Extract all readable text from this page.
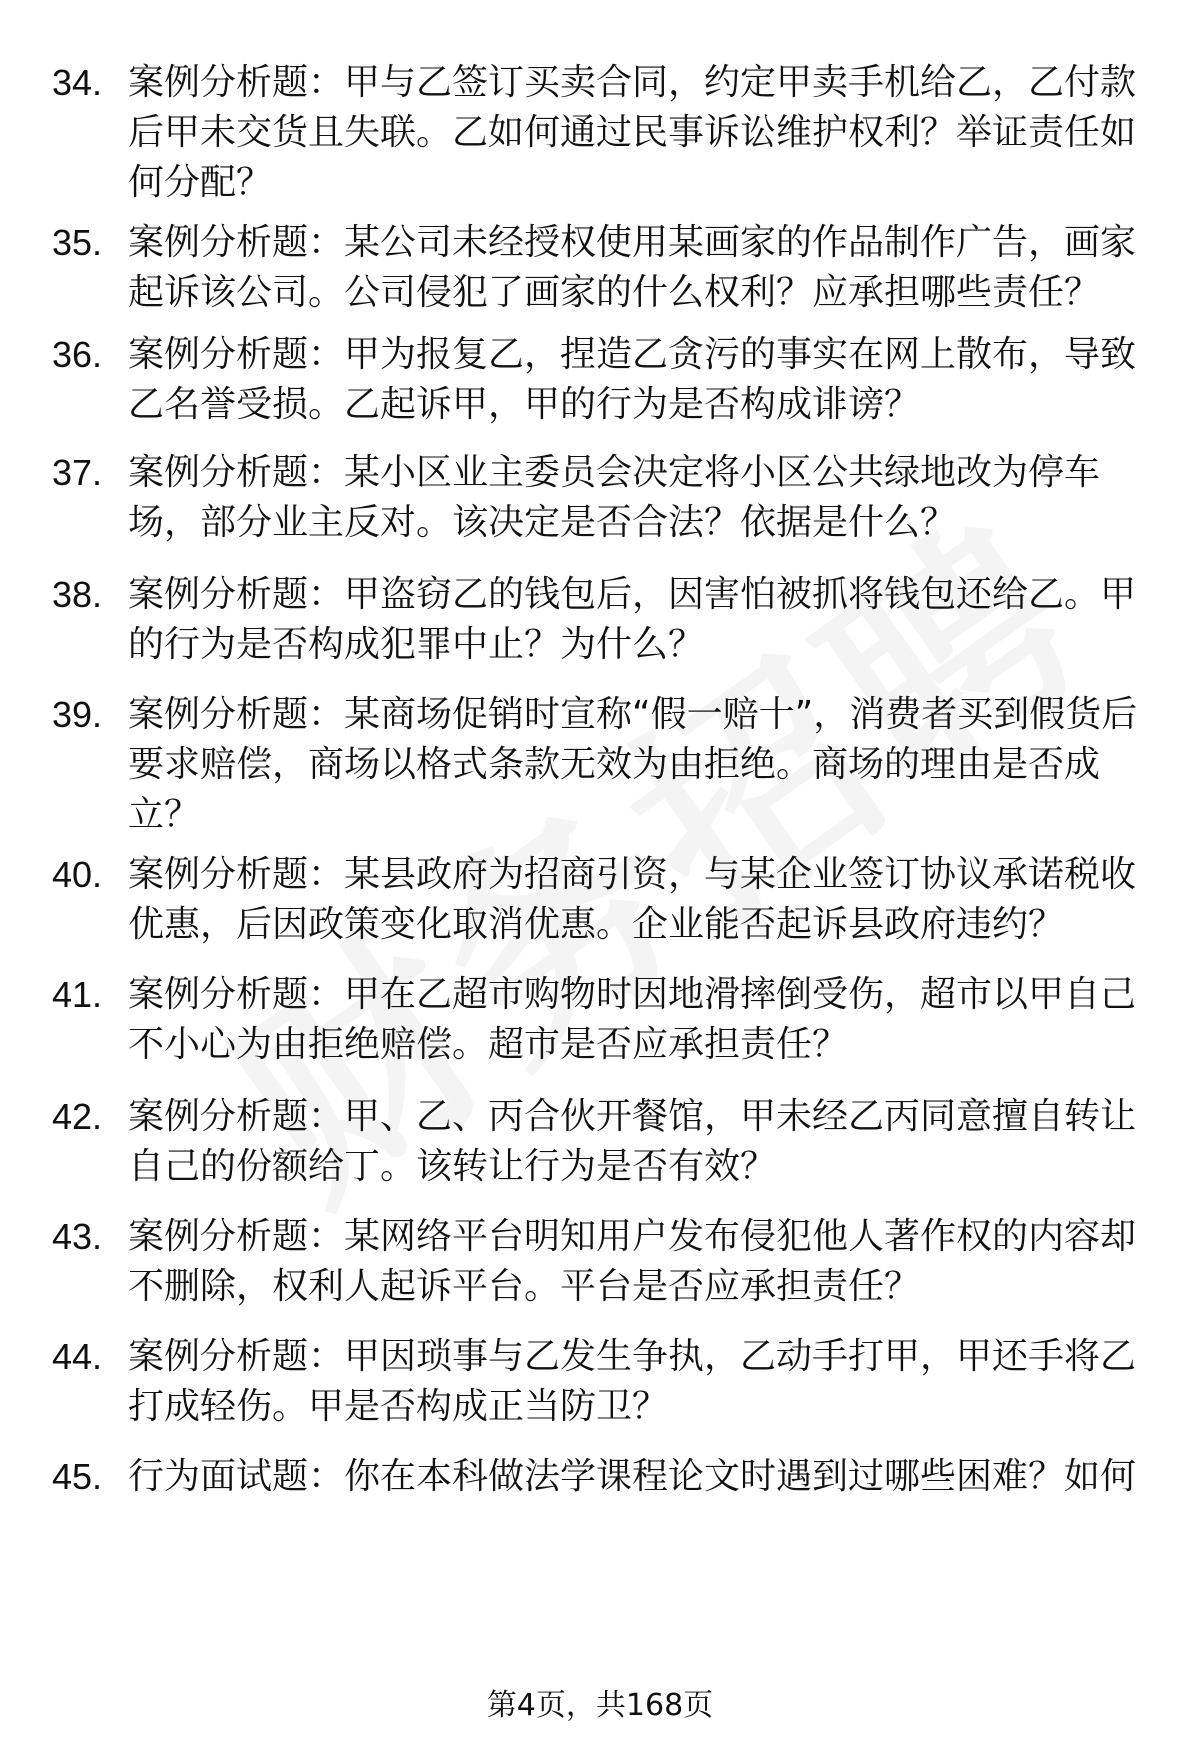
34. 案例分析题：甲与乙签订买卖合同，约定甲卖手机给乙，乙付款后甲未交货且失联。乙如何通过民事诉讼维护权利？举证责任如何分配？
35. 案例分析题：某公司未经授权使用某画家的作品制作广告，画家起诉该公司。公司侵犯了画家的什么权利？应承担哪些责任？
36. 案例分析题：甲为报复乙，捏造乙贪污的事实在网上散布，导致乙名誉受损。乙起诉甲，甲的行为是否构成诽谤？
37. 案例分析题：某小区业主委员会决定将小区公共绿地改为停车场，部分业主反对。该决定是否合法？依据是什么？
38. 案例分析题：甲盗窃乙的钱包后，因害怕被抓将钱包还给乙。甲的行为是否构成犯罪中止？为什么？
39. 案例分析题：某商场促销时宣称“假一赔十”，消费者买到假货后要求赔偿，商场以格式条款无效为由拒绝。商场的理由是否成立？
40. 案例分析题：某县政府为招商引资，与某企业签订协议承诺税收优惠，后因政策变化取消优惠。企业能否起诉县政府违约？
41. 案例分析题：甲在乙超市购物时因地滑摔倒受伤，超市以甲自己不小心为由拒绝赔偿。超市是否应承担责任？
42. 案例分析题：甲、乙、丙合伙开餐馆，甲未经乙丙同意擅自转让自己的份额给丁。该转让行为是否有效？
43. 案例分析题：某网络平台明知用户发布侵犯他人著作权的内容却不删除，权利人起诉平台。平台是否应承担责任？
44. 案例分析题：甲因琐事与乙发生争执，乙动手打甲，甲还手将乙打成轻伤。甲是否构成正当防卫？
45. 行为面试题：你在本科做法学课程论文时遇到过哪些困难？如何
第4页，共168页
